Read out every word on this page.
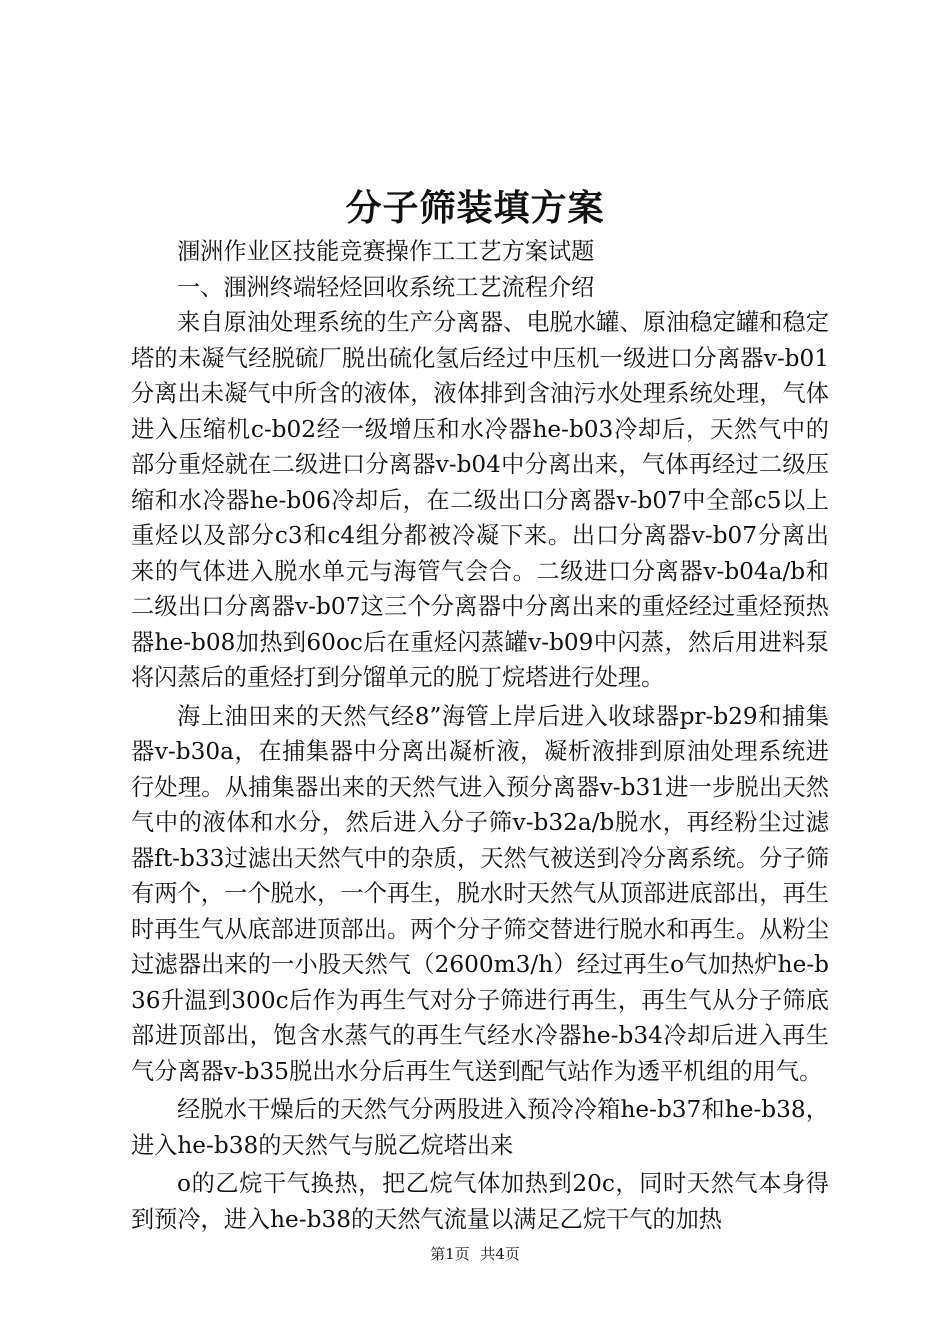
分子筛装填方案

涠洲作业区技能竞赛操作工工艺方案试题

一、涠洲终端轻烃回收系统工艺流程介绍

来自原油处理系统的生产分离器、电脱水罐、原油稳定罐和稳定塔的未凝气经脱硫厂脱出硫化氢后经过中压机一级进口分离器v-b01分离出未凝气中所含的液体，液体排到含油污水处理系统处理，气体进入压缩机c-b02经一级增压和水冷器he-b03冷却后，天然气中的部分重烃就在二级进口分离器v-b04中分离出来，气体再经过二级压缩和水冷器he-b06冷却后，在二级出口分离器v-b07中全部c5以上重烃以及部分c3和c4组分都被冷凝下来。出口分离器v-b07分离出来的气体进入脱水单元与海管气会合。二级进口分离器v-b04a/b和二级出口分离器v-b07这三个分离器中分离出来的重烃经过重烃预热器he-b08加热到60oc后在重烃闪蒸罐v-b09中闪蒸，然后用进料泵将闪蒸后的重烃打到分馏单元的脱丁烷塔进行处理。

海上油田来的天然气经8”海管上岸后进入收球器pr-b29和捕集器v-b30a，在捕集器中分离出凝析液，凝析液排到原油处理系统进行处理。从捕集器出来的天然气进入预分离器v-b31进一步脱出天然气中的液体和水分，然后进入分子筛v-b32a/b脱水，再经粉尘过滤器ft-b33过滤出天然气中的杂质，天然气被送到冷分离系统。分子筛有两个，一个脱水，一个再生，脱水时天然气从顶部进底部出，再生时再生气从底部进顶部出。两个分子筛交替进行脱水和再生。从粉尘过滤器出来的一小股天然气（2600m3/h）经过再生o气加热炉he-b36升温到300c后作为再生气对分子筛进行再生，再生气从分子筛底部进顶部出，饱含水蒸气的再生气经水冷器he-b34冷却后进入再生气分离器v-b35脱出水分后再生气送到配气站作为透平机组的用气。

经脱水干燥后的天然气分两股进入预冷冷箱he-b37和he-b38，进入he-b38的天然气与脱乙烷塔出来

o的乙烷干气换热，把乙烷气体加热到20c，同时天然气本身得到预冷，进入he-b38的天然气流量以满足乙烷干气的加热

第1页 共4页
